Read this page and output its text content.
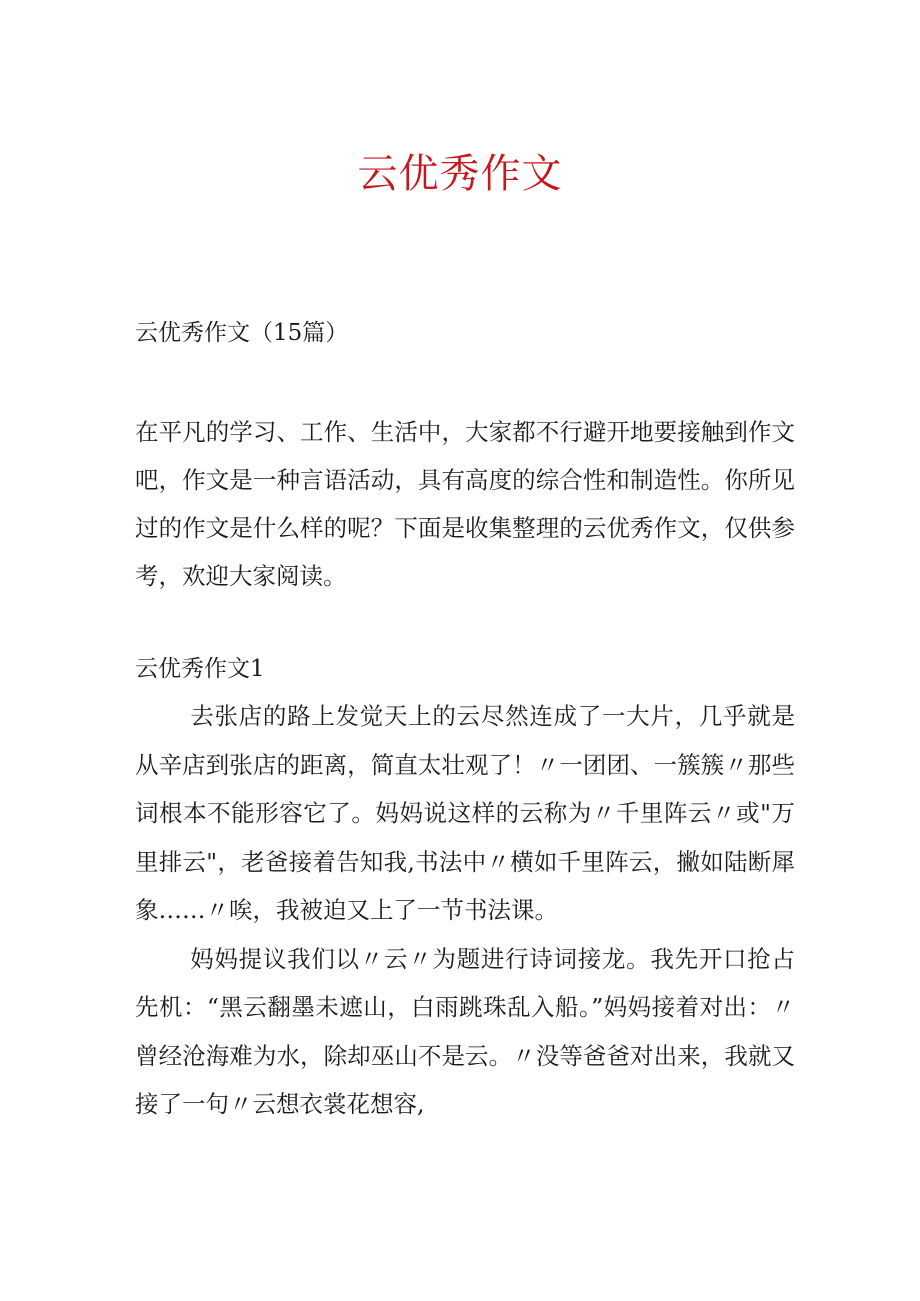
云优秀作文
云优秀作文（15篇）
在平凡的学习、工作、生活中，大家都不行避开地要接触到作文吧，作文是一种言语活动，具有高度的综合性和制造性。你所见过的作文是什么样的呢？下面是收集整理的云优秀作文，仅供参考，欢迎大家阅读。
云优秀作文1

去张店的路上发觉天上的云尽然连成了一大片，几乎就是从辛店到张店的距离，简直太壮观了！〃一团团、一簇簇〃那些词根本不能形容它了。妈妈说这样的云称为〃千里阵云〃或"万里排云"，老爸接着告知我,书法中〃横如千里阵云，撇如陆断犀象……〃唉，我被迫又上了一节书法课。

妈妈提议我们以〃云〃为题进行诗词接龙。我先开口抢占先机：“黑云翻墨未遮山，白雨跳珠乱入船。”妈妈接着对出：〃曾经沧海难为水，除却巫山不是云。〃没等爸爸对出来，我就又接了一句〃云想衣裳花想容,
